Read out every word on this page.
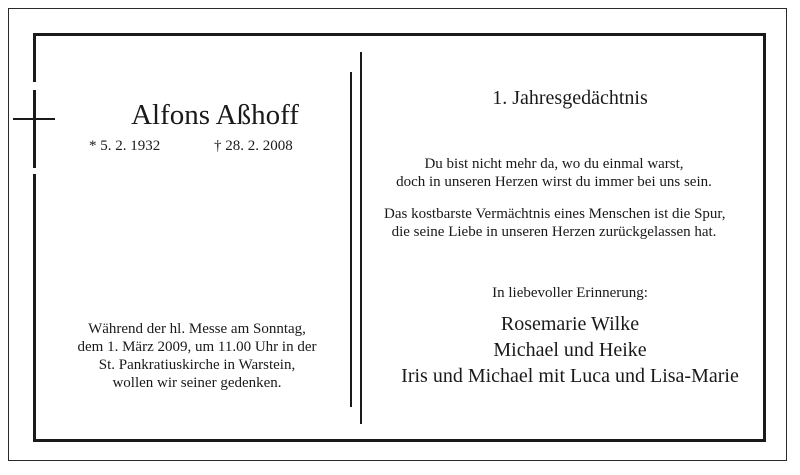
Alfons Aßhoff
* 5. 2. 1932	† 28. 2. 2008
Während der hl. Messe am Sonntag,
dem 1. März 2009, um 11.00 Uhr in der
St. Pankratiuskirche in Warstein,
wollen wir seiner gedenken.
1. Jahresgedächtnis
Du bist nicht mehr da, wo du einmal warst,
doch in unseren Herzen wirst du immer bei uns sein.
Das kostbarste Vermächtnis eines Menschen ist die Spur,
die seine Liebe in unseren Herzen zurückgelassen hat.
In liebevoller Erinnerung:
Rosemarie Wilke
Michael und Heike
Iris und Michael mit Luca und Lisa-Marie
